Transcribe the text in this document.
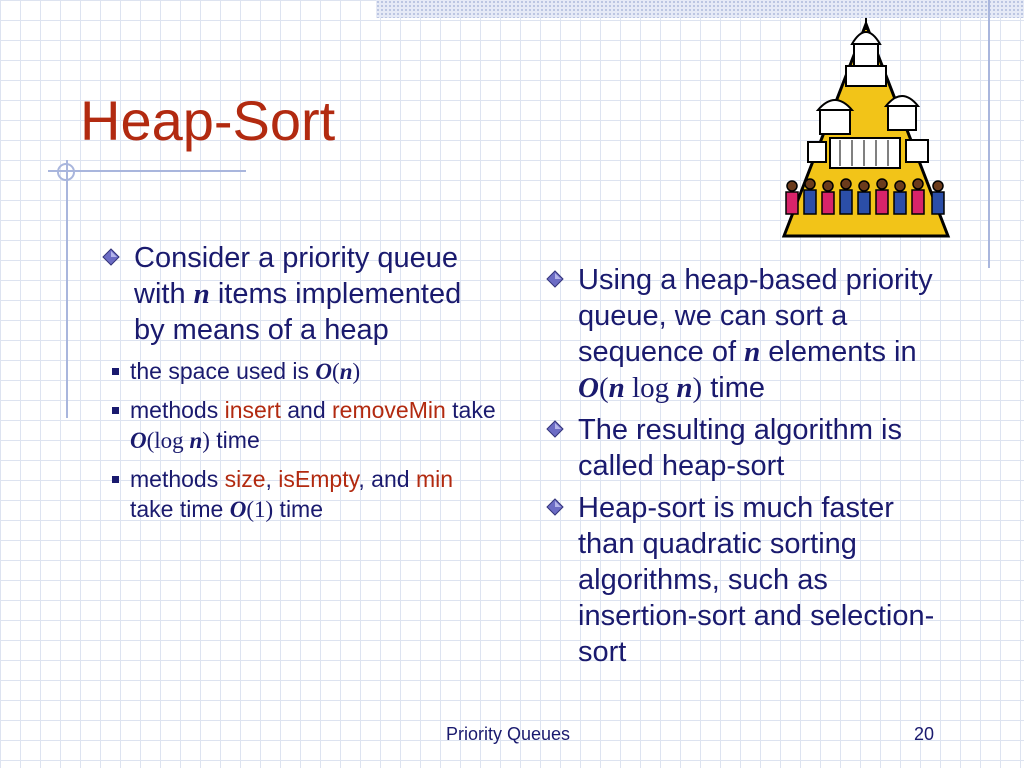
Heap-Sort
Consider a priority queue with n items implemented by means of a heap
the space used is O(n)
methods insert and removeMin take O(log n) time
methods size, isEmpty, and min take time O(1) time
Using a heap-based priority queue, we can sort a sequence of n elements in O(n log n) time
The resulting algorithm is called heap-sort
Heap-sort is much faster than quadratic sorting algorithms, such as insertion-sort and selection-sort
Priority Queues	20
